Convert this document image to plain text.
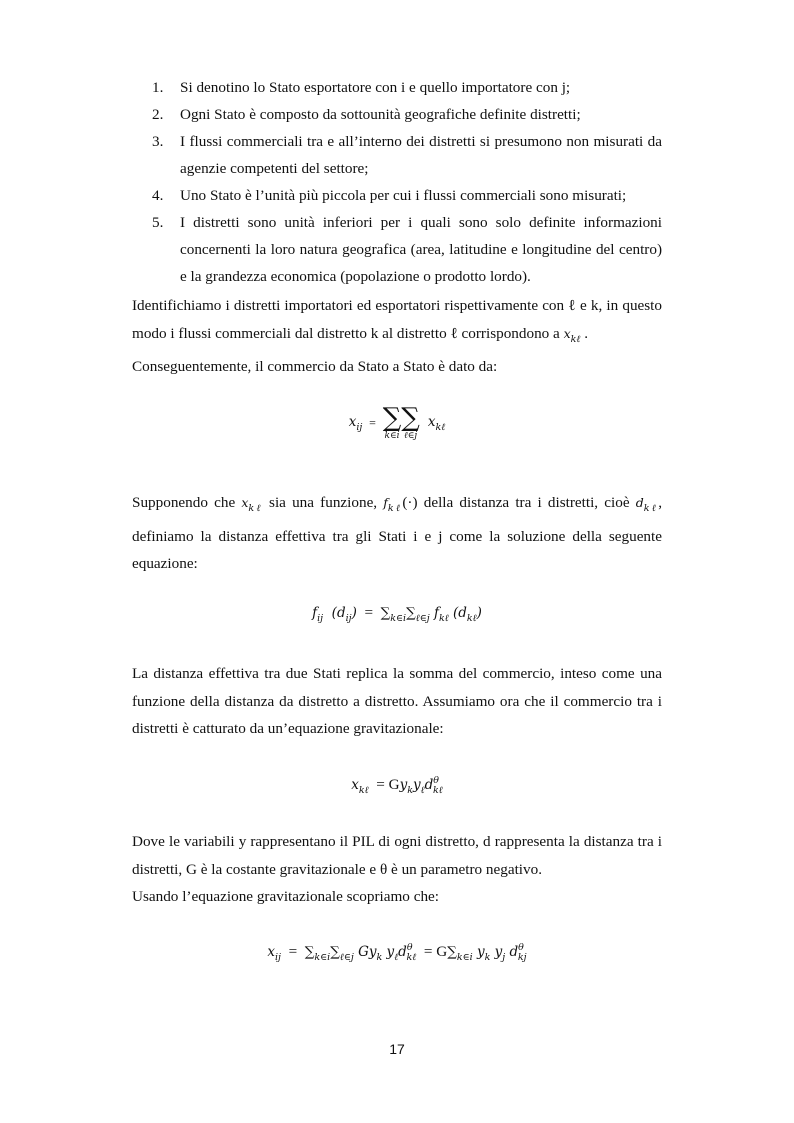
1.	Si denotino lo Stato esportatore con i e quello importatore con j;
2.	Ogni Stato è composto da sottounità geografiche definite distretti;
3.	I flussi commerciali tra e all’interno dei distretti si presumono non misurati da agenzie competenti del settore;
4.	Uno Stato è l’unità più piccola per cui i flussi commerciali sono misurati;
5.	I distretti sono unità inferiori per i quali sono solo definite informazioni concernenti la loro natura geografica (area, latitudine e longitudine del centro) e la grandezza economica (popolazione o prodotto lordo).
Identifichiamo i distretti importatori ed esportatori rispettivamente con ℓ e k, in questo modo i flussi commerciali dal distretto k al distretto ℓ corrispondono a $x_{k\ell}$ .
Conseguentemente, il commercio da Stato a Stato è dato da:
$x_{ij}$  =  ∑
k∈i
∑
ℓ∈j
$x_{k\ell}$
Supponendo che $x_{k\ell}$ sia una funzione, $f_{k\ell}(\cdot)$ della distanza tra i distretti, cioè $d_{k\ell}$, definiamo la distanza effettiva tra gli Stati i e j come la soluzione della seguente equazione:
$f_{ij}$  $(d_{ij}) = \sum_{k\in i}\sum_{\ell\in j}$ $f_{k\ell}$ $(d_{k\ell})$
La distanza effettiva tra due Stati replica la somma del commercio, inteso come una funzione della distanza da distretto a distretto. Assumiamo ora che il commercio tra i distretti è catturato da un’equazione gravitazionale:
$x_{k\ell} = Gy_ky_\ell d^\theta_{k\ell}$
Dove le variabili y rappresentano il PIL di ogni distretto, d rappresenta la distanza tra i distretti, G è la costante gravitazionale e θ è un parametro negativo.
Usando l’equazione gravitazionale scopriamo che:
$x_{ij} = \sum_{k\in i}\sum_{\ell\in j}$ $Gy_k$ $y_\ell d^\theta_{k\ell} = G\sum_{k\in i}$ $y_k$ $y_j$ $d^\theta_{kj}$
17
